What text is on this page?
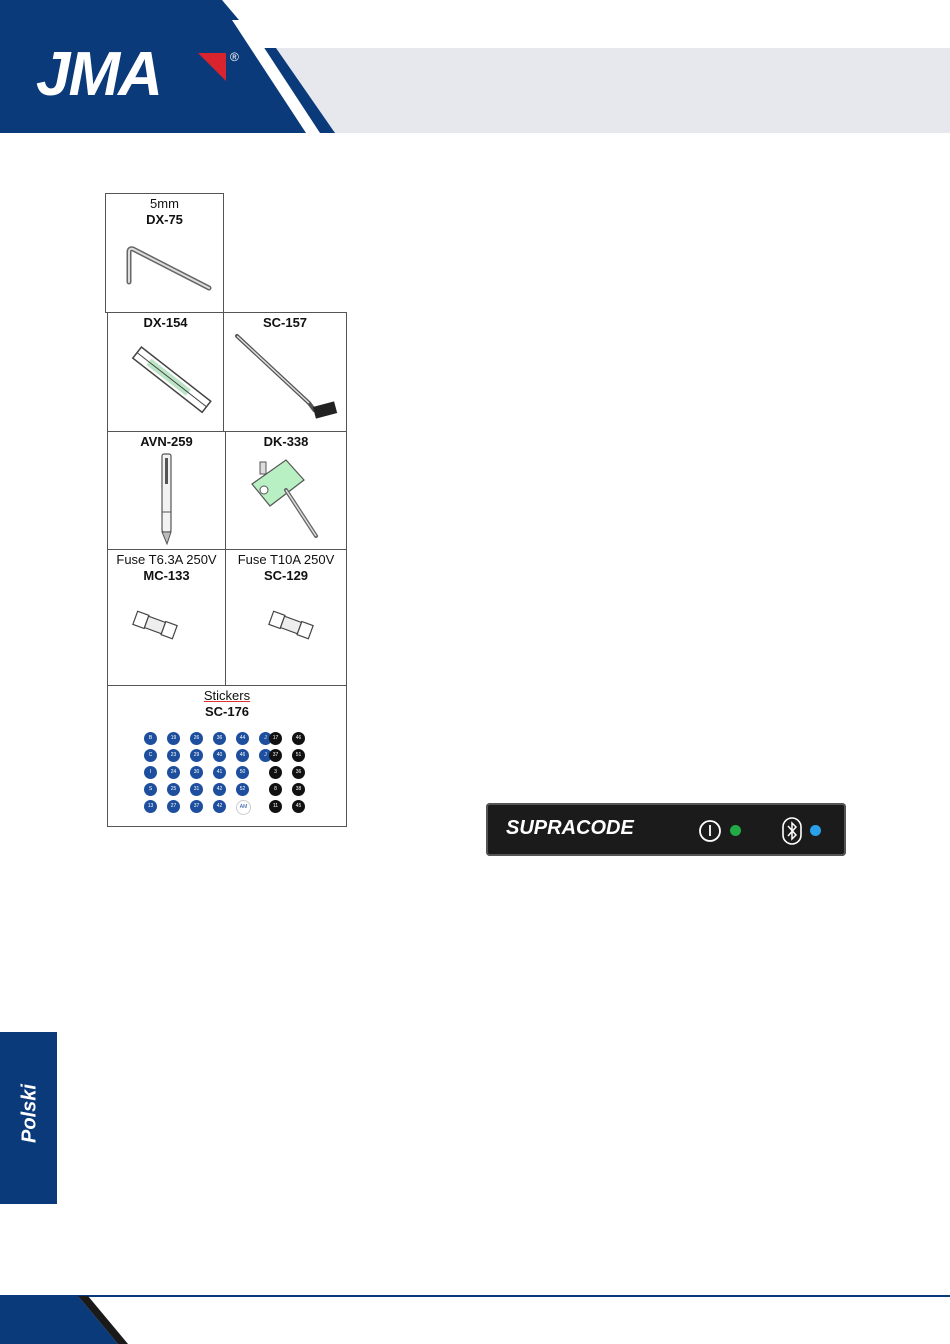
JMA	®
5mm
DX-75
DX-154	SC-157
AVN-259	DK-338
Fuse T6.3A 250V
MC-133
Fuse T10A 250V
SC-129
Stickers
SC-176
B	19	26	36	44	J	17	46
C	23	29	40	46	J	37	51
I	24	30	41	50	3	36
S	25	31	42	52	8	38
13	27	37	42	AM	11	45
SUPRACODE
Polski
